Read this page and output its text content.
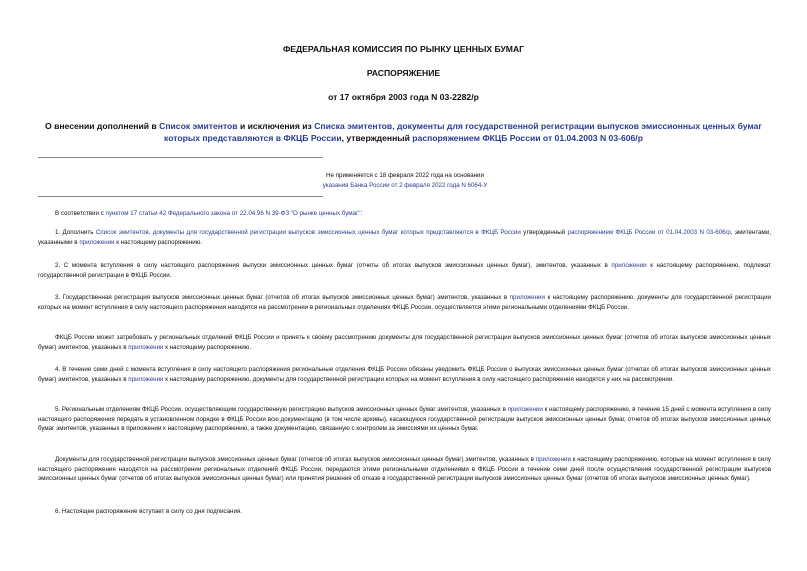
ФЕДЕРАЛЬНАЯ КОМИССИЯ ПО РЫНКУ ЦЕННЫХ БУМАГ
РАСПОРЯЖЕНИЕ
от 17 октября 2003 года N 03-2282/р
О внесении дополнений в Список эмитентов и исключения из Списка эмитентов, документы для государственной регистрации выпусков эмиссионных ценных бумаг которых представляются в ФКЦБ России, утвержденный распоряжением ФКЦБ России от 01.04.2003 N 03-606/р
Не применяется с 18 февраля 2022 года на основании
указания Банка России от 2 февраля 2022 года N 6064-У
В соответствии с пунктом 17 статьи 42 Федерального закона от 22.04.96 N 39-ФЗ "О рынке ценных бумаг":
1. Дополнить Список эмитентов, документы для государственной регистрации выпусков эмиссионных ценных бумаг которых представляются в ФКЦБ России утвержденный распоряжением ФКЦБ России от 01.04.2003 N 03-606/р, эмитентами, указанными в приложении к настоящему распоряжению.
2. С момента вступления в силу настоящего распоряжения выпуски эмиссионных ценных бумаг (отчеты об итогах выпусков эмиссионных ценных бумаг), эмитентов, указанных в приложении к настоящему распоряжению, подлежат государственной регистрации в ФКЦБ России.
3. Государственная регистрация выпусков эмиссионных ценных бумаг (отчетов об итогах выпусков эмиссионных ценных бумаг) эмитентов, указанных в приложении к настоящему распоряжению, документы для государственной регистрации которых на момент вступления в силу настоящего распоряжения находятся на рассмотрении в региональных отделениях ФКЦБ России, осуществляется этими региональными отделениями ФКЦБ России.
ФКЦБ России может затребовать у региональных отделений ФКЦБ России и принять к своему рассмотрению документы для государственной регистрации выпусков эмиссионных ценных бумаг (отчетов об итогах выпусков эмиссионных ценных бумаг) эмитентов, указанных в приложении к настоящему распоряжению.
4. В течение семи дней с момента вступления в силу настоящего распоряжения региональные отделения ФКЦБ России обязаны уведомить ФКЦБ России о выпусках эмиссионных ценных бумаг (отчетах об итогах выпусков эмиссионных ценных бумаг) эмитентов, указанных в приложении к настоящему распоряжению, документы для государственной регистрации которых на момент вступления в силу настоящего распоряжения находятся у них на рассмотрении.
5. Региональным отделениям ФКЦБ России, осуществляющим государственную регистрацию выпусков эмиссионных ценных бумаг эмитентов, указанных в приложении к настоящему распоряжению, в течение 15 дней с момента вступления в силу настоящего распоряжения передать в установленном порядке в ФКЦБ России всю документацию (в том числе архивы), касающуюся государственной регистрации выпусков эмиссионных ценных бумаг, отчетов об итогах выпусков эмиссионных ценных бумаг эмитентов, указанных в приложении к настоящему распоряжению, а также документацию, связанную с контролем за эмиссиями их ценных бумаг.
Документы для государственной регистрации выпусков эмиссионных ценных бумаг (отчетов об итогах выпусков эмиссионных ценных бумаг) эмитентов, указанных в приложении к настоящему распоряжению, которые на момент вступления в силу настоящего распоряжения находятся на рассмотрении региональных отделений ФКЦБ России, передаются этими региональными отделениями в ФКЦБ России в течение семи дней после осуществления государственной регистрации выпусков эмиссионных ценных бумаг (отчетов об итогах выпусков эмиссионных ценных бумаг) или принятия решения об отказе в государственной регистрации выпусков эмиссионных ценных бумаг (отчетов об итогах выпусков эмиссионных ценных бумаг).
6. Настоящее распоряжение вступает в силу со дня подписания.
